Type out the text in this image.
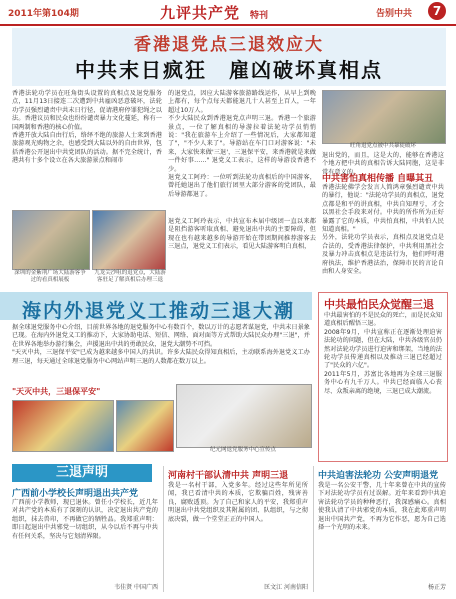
2011年第104期	九评共产党 特刊	告别中共	7
香港退党点三退效应大
中共末日疯狂　雇凶破坏真相点
香港法轮功学员在旺角街头设置的真相点及退党服务点，11月13日接连二次遭到中共雇凶恶意破坏，法轮功学员强烈谴责中共末日行径，促请港府停罪犯绳之以法。香港议员和民众也纷纷谴责暴力文化蔓延，称有一国两制和香港的核心价值。
香港开放大陆自由行后，络绎不绝的旅游人士来到香港旅游观光购物之余，也感受到大陆以外的自由世界，包括香港公开退出中共党团队的活动。据不完全统计，香港共有十多个设立在各大旅游景点和闹市
的退党点，因应大陆游客旅游路线运作，从早上到晚上都有，每个点每天都能退几十人甚至上百人，一年超过10万人。
不少大陆民众到香港退党点声明三退。香港一个旅游景点，一位了解真相的导游拉着法轮功学员悄悄说："我在旅游车上介绍了一些情况后，大家都知道了"，"不少人来了"。导游站在车门口对游客说："未来，大家快来做'三退'，三退保平安，来香港就是来做一件好事……" 退党义工表示，这样的导游没香港不少。
退党义工阿玲：一位听到法轮功真相后的中国游客，曾托她退出了他们旅行团里大部分游客的党团队，最后导游都退了。
旺角退党点被中共暴徒破坏
退出党的，而且，这是大的，能够在香港这个地方把中共的真相告诉大陆同胞，这是非常有意义的。
中共害怕真相传播 自曝其丑
香港法轮佛学会发言人简鸿章强烈谴责中共的暴行，他说："法轮功学员的真相点，退党点都是和平的讲真相，中共自知理亏，才会以黑社会手段来对付。中共的所作所为正好暴露了它的本质，中共怕真相，中共怕人民知道真相。"
另外，法轮功学员表示，真相点及退党点是合法的，受香港法律保护，中共利用黑社会及暴力冲击真相点是违法行为，他们呼吁港府执法，维护香港法治，保障市民的言论自由和人身安全。
深圳的金紫荆广场大陆游客争过的看真相展板
九龙尖沙咀的退党点，大陆游客驻足了解真相后办理三退
退党义工阿玲表示，中共宣布本届中级团一直以来都是阻挡游客听取真相、避免退出中共的主要障碍，但现在也有越来越多的导游开始在带团期间推荐游客去三退点，退党义工们表示，看见大陆游客明白真相，
海内外退党义工推动三退大潮
据全球退党服务中心介绍，目前世界各地的退党服务中心有数百个，数以万计的志愿者谋退党，中共末日景象已现。在海内外退党义工的推动下，大家协助电话、短信、网络、面对面等方式帮助大陆民众办理"三退"，并在世界各地举办游行集会，声援退出中共的勇敢民众，退党大潮势不可挡。
"天灭中共，三退保平安"已成为越来越多中国人的共识。许多大陆民众得知真相后，主动联系海外退党义工办理三退，每天通过全球退党服务中心网站声明三退的人数都在数万以上。
"天灭中共，三退保平安"
纪元网退党服务中心宣传点
中共最怕民众觉醒三退
中共最害怕的不是民众的死亡，而是民众知道真相后醒悟三退。
2008年9月，中共宣称正在逐渐处理迫害法轮功的问题，但在大陆，中共各级官员仍然对法轮功学员进行迫害和绑架，当地的法轮功学员传递真相以及推动三退已经超过了"民众的六亿"。
2011年5月，苏富比各地再为全球三退服务中心有九千万人。中共已经面临人心丧尽、众叛亲离的绝境，三退已成大潮流。
三退声明
广西前小学校长声明退出共产党
广西前小学教师，现已退休。曾任小学校长，近几年对共产党的本质有了深刻的认识，决定退出共产党的组织，抹去兽印，不再做它的牺牲品。我郑重声明：即日起退出中共邪党一切组织，从今以后不再与中共有任何关系，坚决与它划清界限。
韦佳贤 中国广西
河南村干部认清中共 声明三退
我是一名村干部，入党多年。经过这些年所见所闻，我已看清中共的本质，它欺骗百姓，残害善良，腐败透顶。为了自己和家人的平安，我郑重声明退出中共党组织及其附属的团、队组织，与之彻底决裂，做一个堂堂正正的中国人。
匡文江 河南信阳
中共迫害法轮功 公安声明退党
我是一名公安干警，几十年来曾在中共的宣传下对法轮功学员有过误解。近年来看到中共迫害法轮功学员的种种恶行，我深感痛心。真相使我认清了中共邪党的本质，我在此郑重声明退出中国共产党，不再为它作恶，愿为自己选择一个光明的未来。
杨正芳
